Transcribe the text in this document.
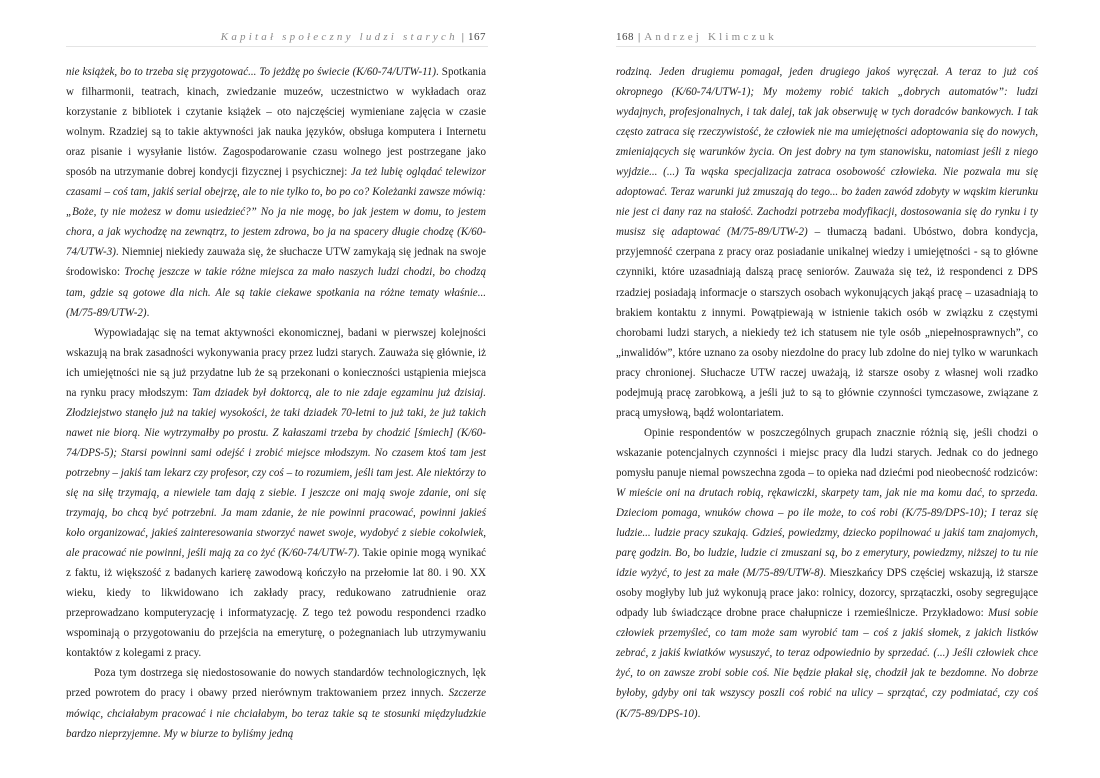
Kapitał społeczny ludzi starych | 167

nie książek, bo to trzeba się przygotować... To jeżdżę po świecie (K/60-74/UTW-11). Spotkania w filharmonii, teatrach, kinach, zwiedzanie muzeów, uczestnictwo w wykładach oraz korzystanie z bibliotek i czytanie książek – oto najczęściej wymieniane zajęcia w czasie wolnym. Rzadziej są to takie aktywności jak nauka języków, obsługa komputera i Internetu oraz pisanie i wysyłanie listów. Zagospodarowanie czasu wolnego jest postrzegane jako sposób na utrzymanie dobrej kondycji fizycznej i psychicznej: Ja też lubię oglądać telewizor czasami – coś tam, jakiś serial obejrzę, ale to nie tylko to, bo po co? Koleżanki zawsze mówią: „Boże, ty nie możesz w domu usiedzieć?” No ja nie mogę, bo jak jestem w domu, to jestem chora, a jak wychodzę na zewnątrz, to jestem zdrowa, bo ja na spacery długie chodzę (K/60-74/UTW-3). Niemniej niekiedy zauważa się, że słuchacze UTW zamykają się jednak na swoje środowisko: Trochę jeszcze w takie różne miejsca za mało naszych ludzi chodzi, bo chodzą tam, gdzie są gotowe dla nich. Ale są takie ciekawe spotkania na różne tematy właśnie... (M/75-89/UTW-2).

Wypowiadając się na temat aktywności ekonomicznej, badani w pierwszej kolejności wskazują na brak zasadności wykonywania pracy przez ludzi starych. Zauważa się głównie, iż ich umiejętności nie są już przydatne lub że są przekonani o konieczności ustąpienia miejsca na rynku pracy młodszym: Tam dziadek był doktorcą, ale to nie zdaje egzaminu już dzisiaj. Złodziejstwo stanęło już na takiej wysokości, że taki dziadek 70-letni to już taki, że już takich nawet nie biorą. Nie wytrzymałby po prostu. Z kałaszami trzeba by chodzić [śmiech] (K/60-74/DPS-5); Starsi powinni sami odejść i zrobić miejsce młodszym. No czasem ktoś tam jest potrzebny – jakiś tam lekarz czy profesor, czy coś – to rozumiem, jeśli tam jest. Ale niektórzy to się na siłę trzymają, a niewiele tam dają z siebie. I jeszcze oni mają swoje zdanie, oni się trzymają, bo chcą być potrzebni. Ja mam zdanie, że nie powinni pracować, powinni jakieś koło organizować, jakieś zainteresowania stworzyć nawet swoje, wydobyć z siebie cokolwiek, ale pracować nie powinni, jeśli mają za co żyć (K/60-74/UTW-7). Takie opinie mogą wynikać z faktu, iż większość z badanych karierę zawodową kończyło na przełomie lat 80. i 90. XX wieku, kiedy to likwidowano ich zakłady pracy, redukowano zatrudnienie oraz przeprowadzano komputeryzację i informatyzację. Z tego też powodu respondenci rzadko wspominają o przygotowaniu do przejścia na emeryturę, o pożegnaniach lub utrzymywaniu kontaktów z kolegami z pracy.

Poza tym dostrzega się niedostosowanie do nowych standardów technologicznych, lęk przed powrotem do pracy i obawy przed nierównym traktowaniem przez innych. Szczerze mówiąc, chciałabym pracować i nie chciałabym, bo teraz takie są te stosunki międzyludzkie bardzo nieprzyjemne. My w biurze to byliśmy jedną

168 | Andrzej Klimczuk

rodziną. Jeden drugiemu pomagał, jeden drugiego jakoś wyręczał. A teraz to już coś okropnego (K/60-74/UTW-1); My możemy robić takich „dobrych automatów”: ludzi wydajnych, profesjonalnych, i tak dalej, tak jak obserwuję w tych doradców bankowych. I tak często zatraca się rzeczywistość, że człowiek nie ma umiejętności adoptowania się do nowych, zmieniających się warunków życia. On jest dobry na tym stanowisku, natomiast jeśli z niego wyjdzie... (...) Ta wąska specjalizacja zatraca osobowość człowieka. Nie pozwala mu się adoptować. Teraz warunki już zmuszają do tego... bo żaden zawód zdobyty w wąskim kierunku nie jest ci dany raz na stałość. Zachodzi potrzeba modyfikacji, dostosowania się do rynku i ty musisz się adaptować (M/75-89/UTW-2) – tłumaczą badani. Ubóstwo, dobra kondycja, przyjemność czerpana z pracy oraz posiadanie unikalnej wiedzy i umiejętności - są to główne czynniki, które uzasadniają dalszą pracę seniorów. Zauważa się też, iż respondenci z DPS rzadziej posiadają informacje o starszych osobach wykonujących jakąś pracę – uzasadniają to brakiem kontaktu z innymi. Powątpiewają w istnienie takich osób w związku z częstymi chorobami ludzi starych, a niekiedy też ich statusem nie tyle osób „niepełnosprawnych”, co „inwalidów”, które uznano za osoby niezdolne do pracy lub zdolne do niej tylko w warunkach pracy chronionej. Słuchacze UTW raczej uważają, iż starsze osoby z własnej woli rzadko podejmują pracę zarobkową, a jeśli już to są to głównie czynności tymczasowe, związane z pracą umysłową, bądź wolontariatem.

Opinie respondentów w poszczególnych grupach znacznie różnią się, jeśli chodzi o wskazanie potencjalnych czynności i miejsc pracy dla ludzi starych. Jednak co do jednego pomysłu panuje niemal powszechna zgoda – to opieka nad dziećmi pod nieobecność rodziców: W mieście oni na drutach robią, rękawiczki, skarpety tam, jak nie ma komu dać, to sprzeda. Dzieciom pomaga, wnuków chowa – po ile może, to coś robi (K/75-89/DPS-10); I teraz się ludzie... ludzie pracy szukają. Gdzieś, powiedzmy, dziecko popilnować u jakiś tam znajomych, parę godzin. Bo, bo ludzie, ludzie ci zmuszani są, bo z emerytury, powiedzmy, niższej to tu nie idzie wyżyć, to jest za małe (M/75-89/UTW-8). Mieszkańcy DPS częściej wskazują, iż starsze osoby mogłyby lub już wykonują prace jako: rolnicy, dozorcy, sprzątaczki, osoby segregujące odpady lub świadczące drobne prace chałupnicze i rzemieślnicze. Przykładowo: Musi sobie człowiek przemyśleć, co tam może sam wyrobić tam – coś z jakiś słomek, z jakich listków zebrać, z jakiś kwiatków wysuszyć, to teraz odpowiednio by sprzedać. (...) Jeśli człowiek chce żyć, to on zawsze zrobi sobie coś. Nie będzie płakał się, chodził jak te bezdomne. No dobrze byłoby, gdyby oni tak wszyscy poszli coś robić na ulicy – sprzątać, czy podmiatać, czy coś (K/75-89/DPS-10).
